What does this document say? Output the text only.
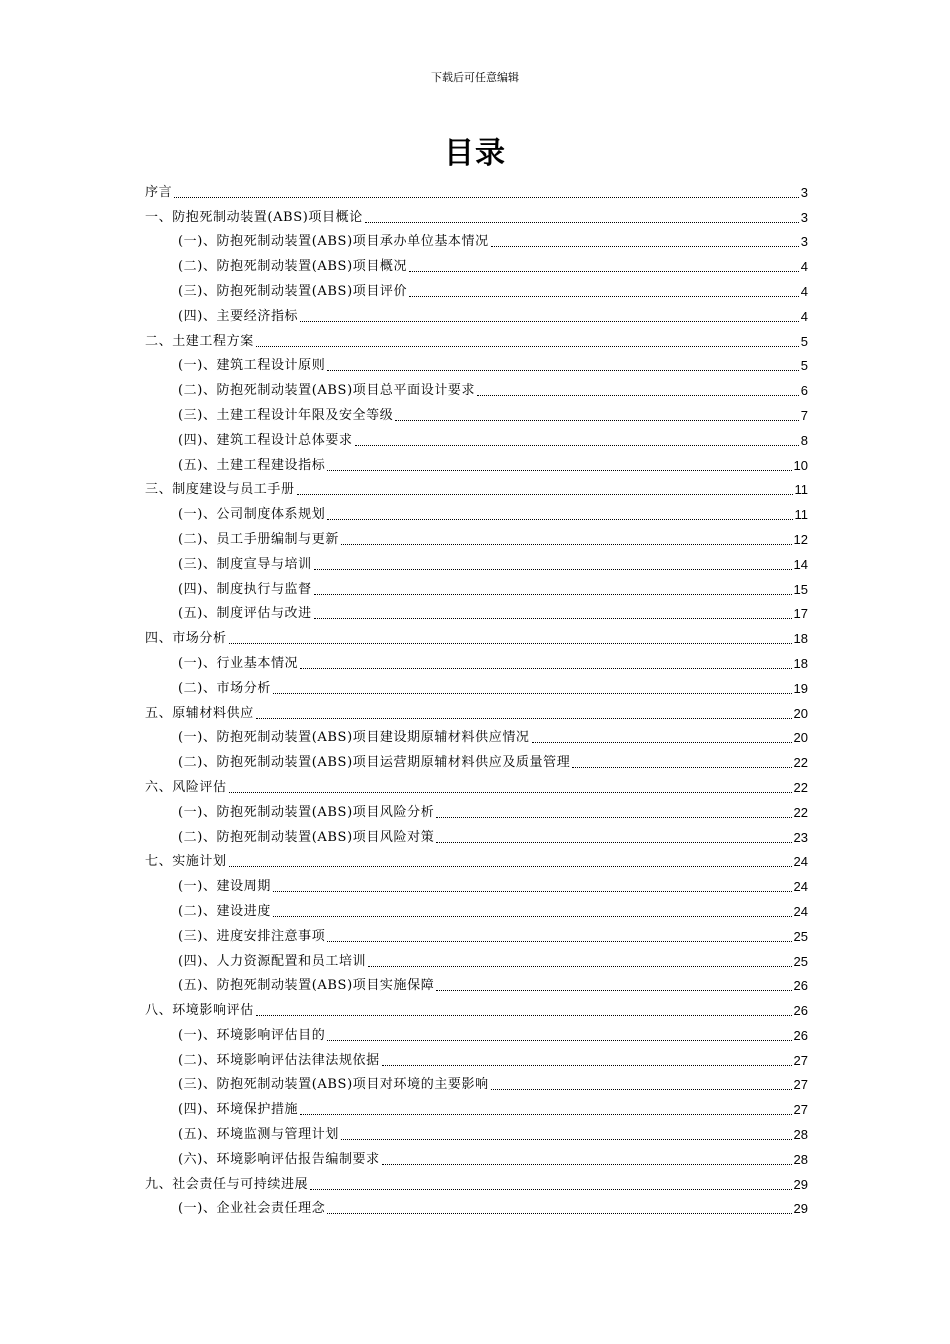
下载后可任意编辑
目录
序言	3
一、防抱死制动装置(ABS)项目概论	3
(一)、防抱死制动装置(ABS)项目承办单位基本情况	3
(二)、防抱死制动装置(ABS)项目概况	4
(三)、防抱死制动装置(ABS)项目评价	4
(四)、主要经济指标	4
二、土建工程方案	5
(一)、建筑工程设计原则	5
(二)、防抱死制动装置(ABS)项目总平面设计要求	6
(三)、土建工程设计年限及安全等级	7
(四)、建筑工程设计总体要求	8
(五)、土建工程建设指标	10
三、制度建设与员工手册	11
(一)、公司制度体系规划	11
(二)、员工手册编制与更新	12
(三)、制度宣导与培训	14
(四)、制度执行与监督	15
(五)、制度评估与改进	17
四、市场分析	18
(一)、行业基本情况	18
(二)、市场分析	19
五、原辅材料供应	20
(一)、防抱死制动装置(ABS)项目建设期原辅材料供应情况	20
(二)、防抱死制动装置(ABS)项目运营期原辅材料供应及质量管理	22
六、风险评估	22
(一)、防抱死制动装置(ABS)项目风险分析	22
(二)、防抱死制动装置(ABS)项目风险对策	23
七、实施计划	24
(一)、建设周期	24
(二)、建设进度	24
(三)、进度安排注意事项	25
(四)、人力资源配置和员工培训	25
(五)、防抱死制动装置(ABS)项目实施保障	26
八、环境影响评估	26
(一)、环境影响评估目的	26
(二)、环境影响评估法律法规依据	27
(三)、防抱死制动装置(ABS)项目对环境的主要影响	27
(四)、环境保护措施	27
(五)、环境监测与管理计划	28
(六)、环境影响评估报告编制要求	28
九、社会责任与可持续进展	29
(一)、企业社会责任理念	29
